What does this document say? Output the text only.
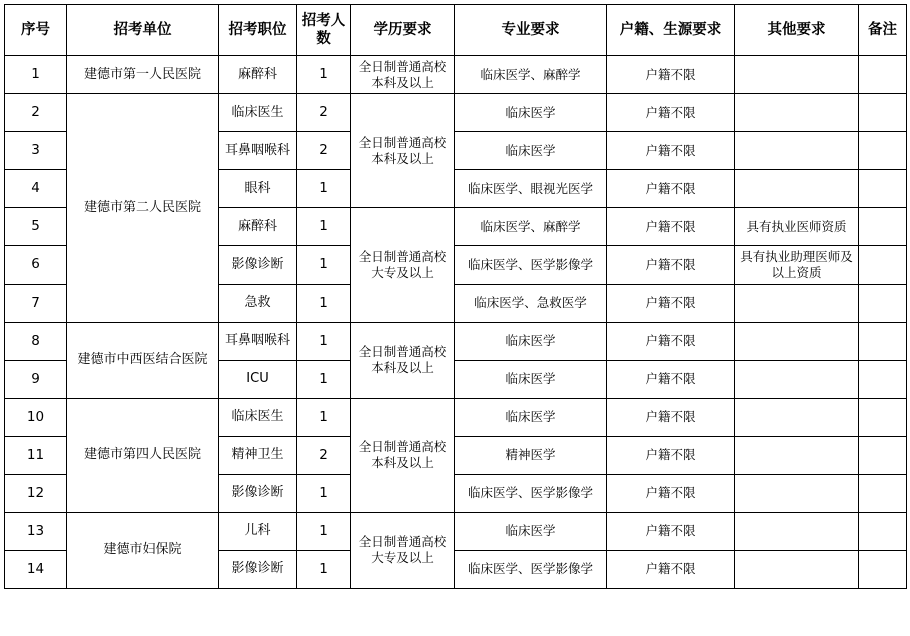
序号	招考单位	招考职位	招考人数	学历要求	专业要求	户籍、生源要求	其他要求	备注
1	建德市第一人民医院	麻醉科	1	全日制普通高校本科及以上	临床医学、麻醉学	户籍不限		
2	建德市第二人民医院	临床医生	2	全日制普通高校本科及以上	临床医学	户籍不限		
3		耳鼻咽喉科	2		临床医学	户籍不限		
4		眼科	1		临床医学、眼视光医学	户籍不限		
5		麻醉科	1	全日制普通高校大专及以上	临床医学、麻醉学	户籍不限	具有执业医师资质	
6		影像诊断	1		临床医学、医学影像学	户籍不限	具有执业助理医师及以上资质	
7		急救	1		临床医学、急救医学	户籍不限		
8	建德市中西医结合医院	耳鼻咽喉科	1	全日制普通高校本科及以上	临床医学	户籍不限		
9		ICU	1		临床医学	户籍不限		
10	建德市第四人民医院	临床医生	1	全日制普通高校本科及以上	临床医学	户籍不限		
11		精神卫生	2		精神医学	户籍不限		
12		影像诊断	1		临床医学、医学影像学	户籍不限		
13	建德市妇保院	儿科	1	全日制普通高校大专及以上	临床医学	户籍不限		
14		影像诊断	1		临床医学、医学影像学	户籍不限		
